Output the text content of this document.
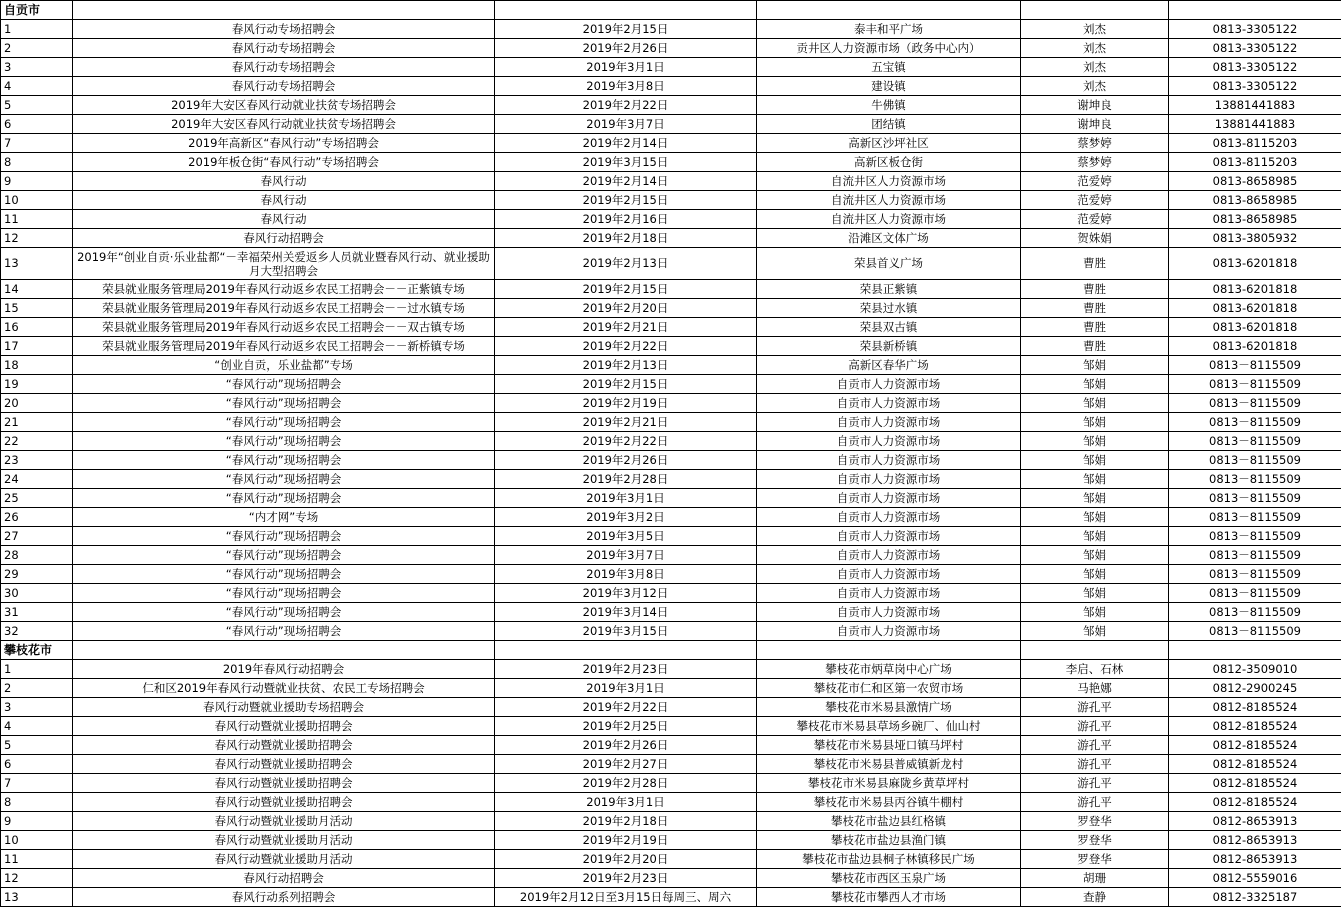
自贡市					
1	春风行动专场招聘会	2019年2月15日	泰丰和平广场	刘杰	0813-3305122
2	春风行动专场招聘会	2019年2月26日	贡井区人力资源市场（政务中心内）	刘杰	0813-3305122
3	春风行动专场招聘会	2019年3月1日	五宝镇	刘杰	0813-3305122
4	春风行动专场招聘会	2019年3月8日	建设镇	刘杰	0813-3305122
5	2019年大安区春风行动就业扶贫专场招聘会	2019年2月22日	牛佛镇	谢坤良	13881441883
6	2019年大安区春风行动就业扶贫专场招聘会	2019年3月7日	团结镇	谢坤良	13881441883
7	2019年高新区“春风行动”专场招聘会	2019年2月14日	高新区沙坪社区	蔡梦婷	0813-8115203
8	2019年板仓街“春风行动”专场招聘会	2019年3月15日	高新区板仓街	蔡梦婷	0813-8115203
9	春风行动	2019年2月14日	自流井区人力资源市场	范爱婷	0813-8658985
10	春风行动	2019年2月15日	自流井区人力资源市场	范爱婷	0813-8658985
11	春风行动	2019年2月16日	自流井区人力资源市场	范爱婷	0813-8658985
12	春风行动招聘会	2019年2月18日	沿滩区文体广场	贺姝娟	0813-3805932
13	2019年“创业自贡·乐业盐都“－幸福荣州关爱返乡人员就业暨春风行动、就业援助月大型招聘会	2019年2月13日	荣县首义广场	曹胜	0813-6201818
14	荣县就业服务管理局2019年春风行动返乡农民工招聘会－－正紫镇专场	2019年2月15日	荣县正紫镇	曹胜	0813-6201818
15	荣县就业服务管理局2019年春风行动返乡农民工招聘会－－过水镇专场	2019年2月20日	荣县过水镇	曹胜	0813-6201818
16	荣县就业服务管理局2019年春风行动返乡农民工招聘会－－双古镇专场	2019年2月21日	荣县双古镇	曹胜	0813-6201818
17	荣县就业服务管理局2019年春风行动返乡农民工招聘会－－新桥镇专场	2019年2月22日	荣县新桥镇	曹胜	0813-6201818
18	“创业自贡，乐业盐都”专场	2019年2月13日	高新区春华广场	邹娟	0813－8115509
19	“春风行动”现场招聘会	2019年2月15日	自贡市人力资源市场	邹娟	0813－8115509
20	“春风行动”现场招聘会	2019年2月19日	自贡市人力资源市场	邹娟	0813－8115509
21	“春风行动”现场招聘会	2019年2月21日	自贡市人力资源市场	邹娟	0813－8115509
22	“春风行动”现场招聘会	2019年2月22日	自贡市人力资源市场	邹娟	0813－8115509
23	“春风行动”现场招聘会	2019年2月26日	自贡市人力资源市场	邹娟	0813－8115509
24	“春风行动”现场招聘会	2019年2月28日	自贡市人力资源市场	邹娟	0813－8115509
25	“春风行动”现场招聘会	2019年3月1日	自贡市人力资源市场	邹娟	0813－8115509
26	“内才网”专场	2019年3月2日	自贡市人力资源市场	邹娟	0813－8115509
27	“春风行动”现场招聘会	2019年3月5日	自贡市人力资源市场	邹娟	0813－8115509
28	“春风行动”现场招聘会	2019年3月7日	自贡市人力资源市场	邹娟	0813－8115509
29	“春风行动”现场招聘会	2019年3月8日	自贡市人力资源市场	邹娟	0813－8115509
30	“春风行动”现场招聘会	2019年3月12日	自贡市人力资源市场	邹娟	0813－8115509
31	“春风行动”现场招聘会	2019年3月14日	自贡市人力资源市场	邹娟	0813－8115509
32	“春风行动”现场招聘会	2019年3月15日	自贡市人力资源市场	邹娟	0813－8115509
攀枝花市					
1	2019年春风行动招聘会	2019年2月23日	攀枝花市炳草岗中心广场	李启、石林	0812-3509010
2	仁和区2019年春风行动暨就业扶贫、农民工专场招聘会	2019年3月1日	攀枝花市仁和区第一农贸市场	马艳娜	0812-2900245
3	春风行动暨就业援助专场招聘会	2019年2月22日	攀枝花市米易县激情广场	游孔平	0812-8185524
4	春风行动暨就业援助招聘会	2019年2月25日	攀枝花市米易县草场乡碗厂、仙山村	游孔平	0812-8185524
5	春风行动暨就业援助招聘会	2019年2月26日	攀枝花市米易县垭口镇马坪村	游孔平	0812-8185524
6	春风行动暨就业援助招聘会	2019年2月27日	攀枝花市米易县普威镇新龙村	游孔平	0812-8185524
7	春风行动暨就业援助招聘会	2019年2月28日	攀枝花市米易县麻陇乡黄草坪村	游孔平	0812-8185524
8	春风行动暨就业援助招聘会	2019年3月1日	攀枝花市米易县丙谷镇牛棚村	游孔平	0812-8185524
9	春风行动暨就业援助月活动	2019年2月18日	攀枝花市盐边县红格镇	罗登华	0812-8653913
10	春风行动暨就业援助月活动	2019年2月19日	攀枝花市盐边县渔门镇	罗登华	0812-8653913
11	春风行动暨就业援助月活动	2019年2月20日	攀枝花市盐边县桐子林镇移民广场	罗登华	0812-8653913
12	春风行动招聘会	2019年2月23日	攀枝花市西区玉泉广场	胡珊	0812-5559016
13	春风行动系列招聘会	2019年2月12日至3月15日每周三、周六	攀枝花市攀西人才市场	查静	0812-3325187
